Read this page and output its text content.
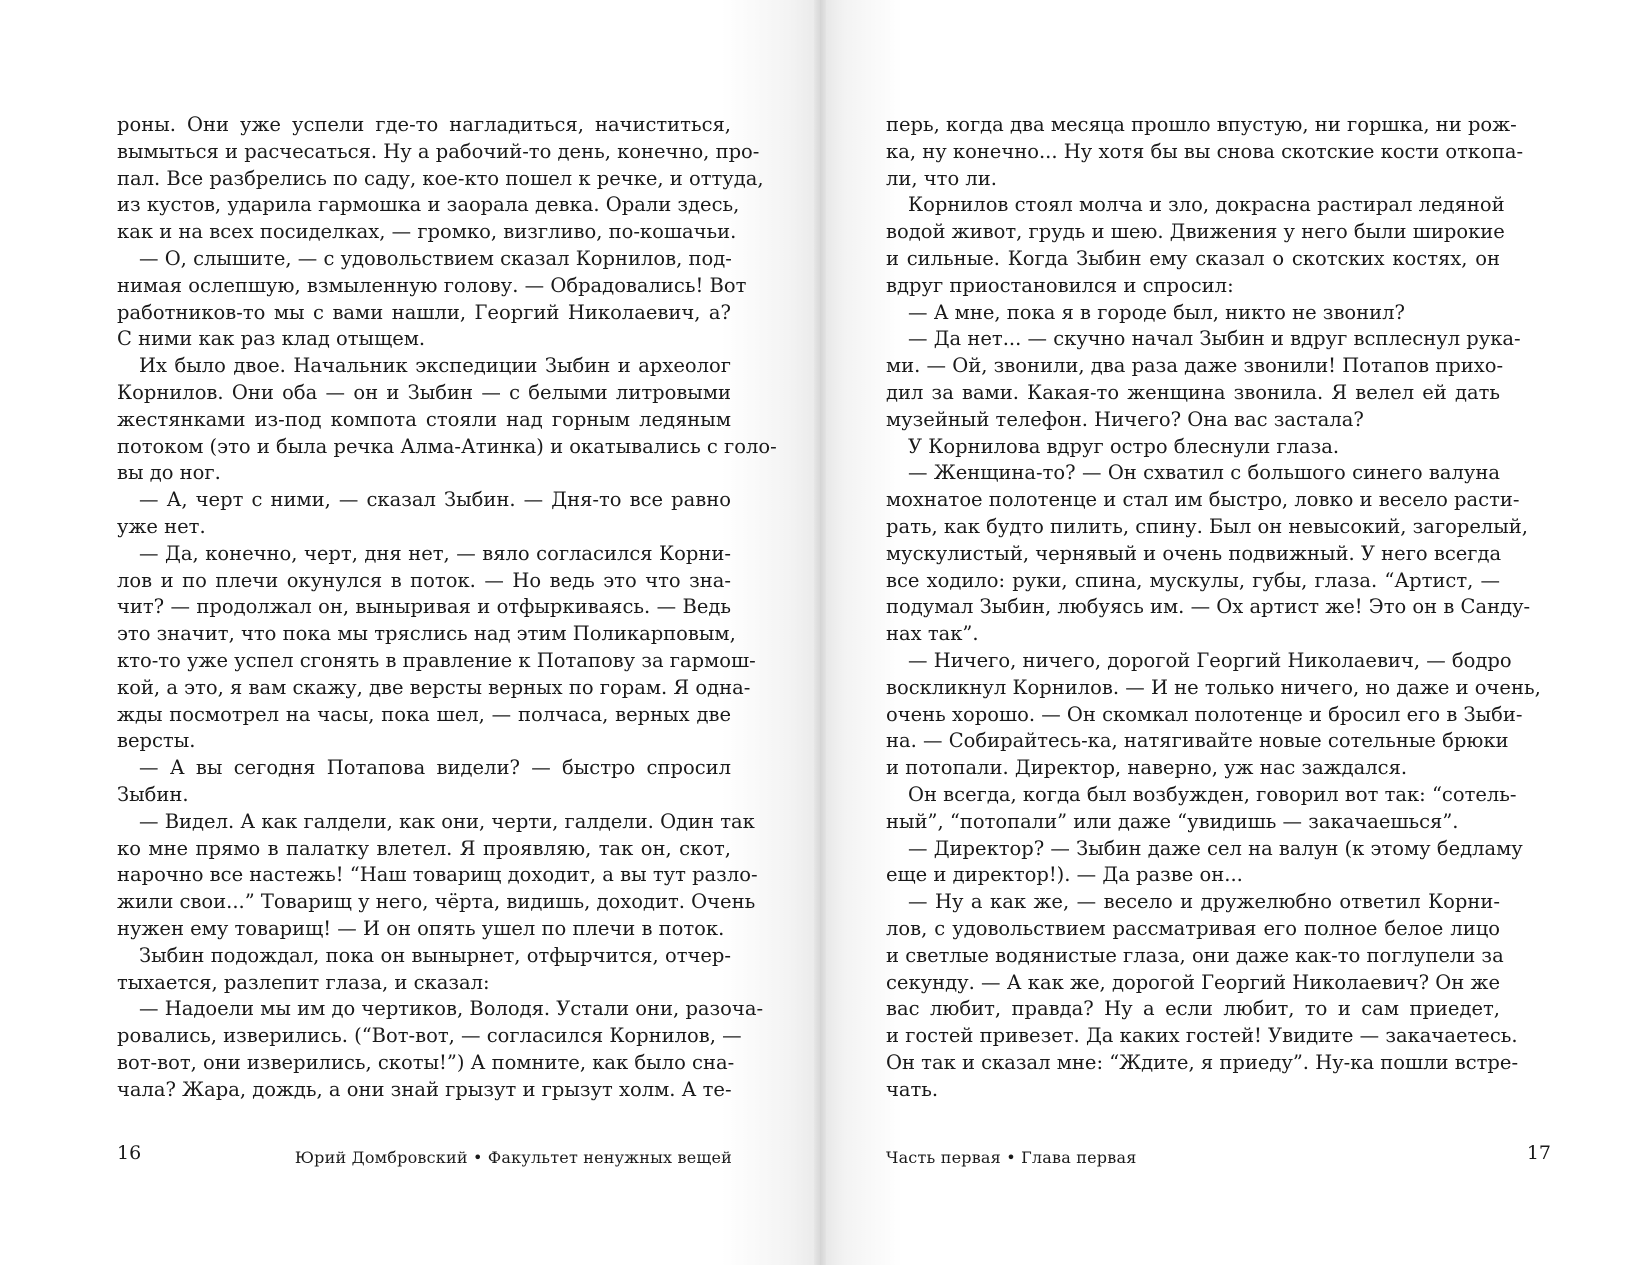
роны. Они уже успели где-то нагладиться, начиститься,
вымыться и расчесаться. Ну а рабочий-то день, конечно, про-
пал. Все разбрелись по саду, кое-кто пошел к речке, и оттуда,
из кустов, ударила гармошка и заорала девка. Орали здесь,
как и на всех посиделках, — громко, визгливо, по-кошачьи.
— О, слышите, — с удовольствием сказал Корнилов, под-
нимая ослепшую, взмыленную голову. — Обрадовались! Вот
работников-то мы с вами нашли, Георгий Николаевич, а?
С ними как раз клад отыщем.
Их было двое. Начальник экспедиции Зыбин и археолог
Корнилов. Они оба — он и Зыбин — с белыми литровыми
жестянками из-под компота стояли над горным ледяным
потоком (это и была речка Алма-Атинка) и окатывались с голо-
вы до ног.
— А, черт с ними, — сказал Зыбин. — Дня-то все равно
уже нет.
— Да, конечно, черт, дня нет, — вяло согласился Корни-
лов и по плечи окунулся в поток. — Но ведь это что зна-
чит? — продолжал он, выныривая и отфыркиваясь. — Ведь
это значит, что пока мы тряслись над этим Поликарповым,
кто-то уже успел сгонять в правление к Потапову за гармош-
кой, а это, я вам скажу, две версты верных по горам. Я одна-
жды посмотрел на часы, пока шел, — полчаса, верных две
версты.
— А вы сегодня Потапова видели? — быстро спросил
Зыбин.
— Видел. А как галдели, как они, черти, галдели. Один так
ко мне прямо в палатку влетел. Я проявляю, так он, скот,
нарочно все настежь! “Наш товарищ доходит, а вы тут разло-
жили свои...” Товарищ у него, чёрта, видишь, доходит. Очень
нужен ему товарищ! — И он опять ушел по плечи в поток.
Зыбин подождал, пока он вынырнет, отфырчится, отчер-
тыхается, разлепит глаза, и сказал:
— Надоели мы им до чертиков, Володя. Устали они, разоча-
ровались, изверились. (“Вот-вот, — согласился Корнилов, —
вот-вот, они изверились, скоты!”) А помните, как было сна-
чала? Жара, дождь, а они знай грызут и грызут холм. А те-
16	Юрий Домбровский • Факультет ненужных вещей
перь, когда два месяца прошло впустую, ни горшка, ни рож-
ка, ну конечно... Ну хотя бы вы снова скотские кости откопа-
ли, что ли.
Корнилов стоял молча и зло, докрасна растирал ледяной
водой живот, грудь и шею. Движения у него были широкие
и сильные. Когда Зыбин ему сказал о скотских костях, он
вдруг приостановился и спросил:
— А мне, пока я в городе был, никто не звонил?
— Да нет... — скучно начал Зыбин и вдруг всплеснул рука-
ми. — Ой, звонили, два раза даже звонили! Потапов прихо-
дил за вами. Какая-то женщина звонила. Я велел ей дать
музейный телефон. Ничего? Она вас застала?
У Корнилова вдруг остро блеснули глаза.
— Женщина-то? — Он схватил с большого синего валуна
мохнатое полотенце и стал им быстро, ловко и весело расти-
рать, как будто пилить, спину. Был он невысокий, загорелый,
мускулистый, чернявый и очень подвижный. У него всегда
все ходило: руки, спина, мускулы, губы, глаза. “Артист, —
подумал Зыбин, любуясь им. — Ох артист же! Это он в Санду-
нах так”.
— Ничего, ничего, дорогой Георгий Николаевич, — бодро
воскликнул Корнилов. — И не только ничего, но даже и очень,
очень хорошо. — Он скомкал полотенце и бросил его в Зыби-
на. — Собирайтесь-ка, натягивайте новые сотельные брюки
и потопали. Директор, наверно, уж нас заждался.
Он всегда, когда был возбужден, говорил вот так: “сотель-
ный”, “потопали” или даже “увидишь — закачаешься”.
— Директор? — Зыбин даже сел на валун (к этому бедламу
еще и директор!). — Да разве он...
— Ну а как же, — весело и дружелюбно ответил Корни-
лов, с удовольствием рассматривая его полное белое лицо
и светлые водянистые глаза, они даже как-то поглупели за
секунду. — А как же, дорогой Георгий Николаевич? Он же
вас любит, правда? Ну а если любит, то и сам приедет,
и гостей привезет. Да каких гостей! Увидите — закачаетесь.
Он так и сказал мне: “Ждите, я приеду”. Ну-ка пошли встре-
чать.
Часть первая • Глава первая	17
